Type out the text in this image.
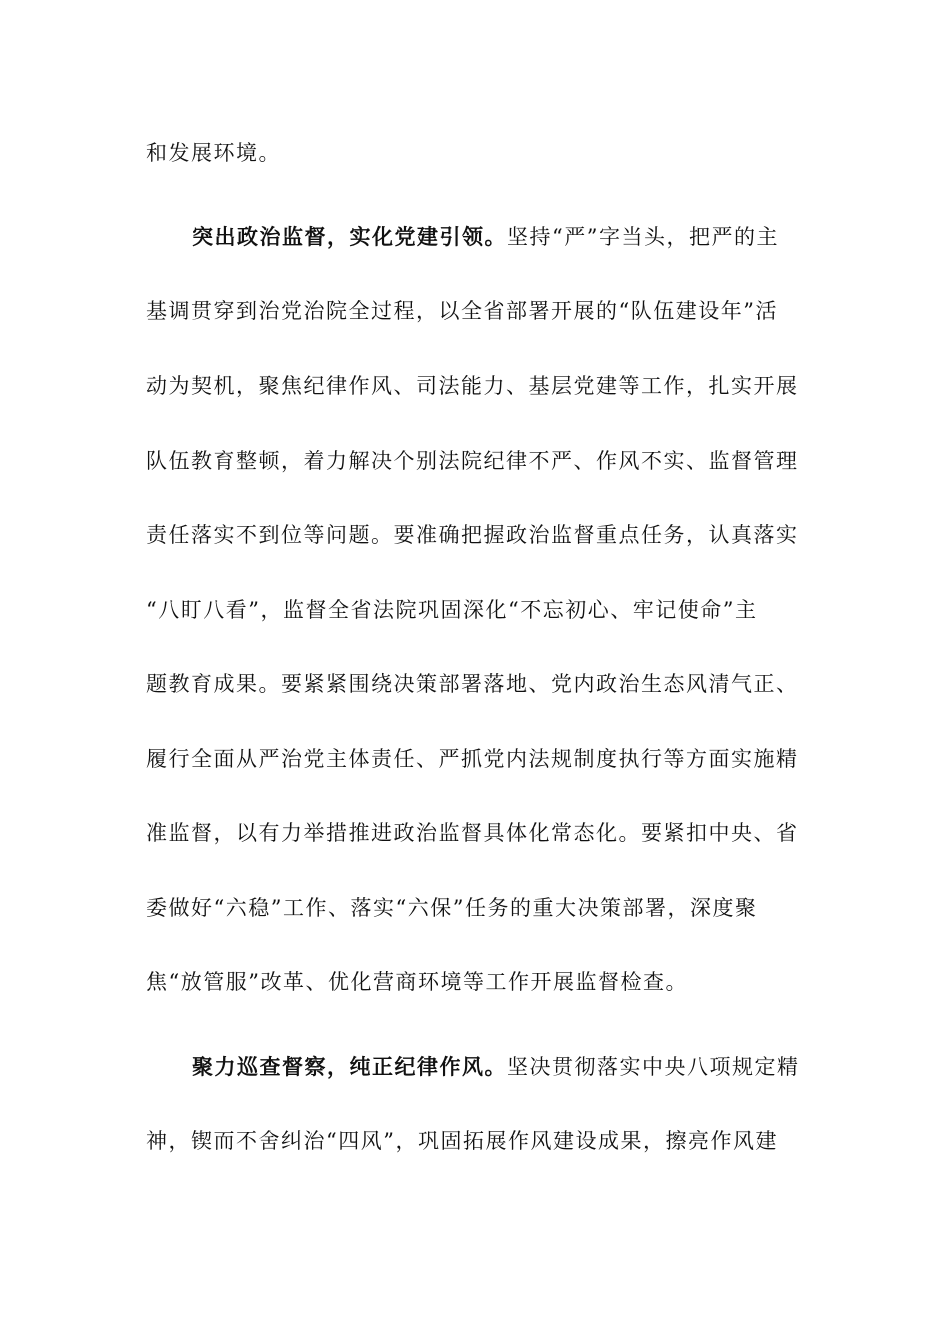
和发展环境。
突出政治监督，实化党建引领。坚持“严”字当头，把严的主
基调贯穿到治党治院全过程，以全省部署开展的“队伍建设年”活
动为契机，聚焦纪律作风、司法能力、基层党建等工作，扎实开展
队伍教育整顿，着力解决个别法院纪律不严、作风不实、监督管理
责任落实不到位等问题。要准确把握政治监督重点任务，认真落实
“八盯八看”，监督全省法院巩固深化“不忘初心、牢记使命”主
题教育成果。要紧紧围绕决策部署落地、党内政治生态风清气正、
履行全面从严治党主体责任、严抓党内法规制度执行等方面实施精
准监督，以有力举措推进政治监督具体化常态化。要紧扣中央、省
委做好“六稳”工作、落实“六保”任务的重大决策部署，深度聚
焦“放管服”改革、优化营商环境等工作开展监督检查。
聚力巡查督察，纯正纪律作风。坚决贯彻落实中央八项规定精
神，锲而不舍纠治“四风”，巩固拓展作风建设成果，擦亮作风建
